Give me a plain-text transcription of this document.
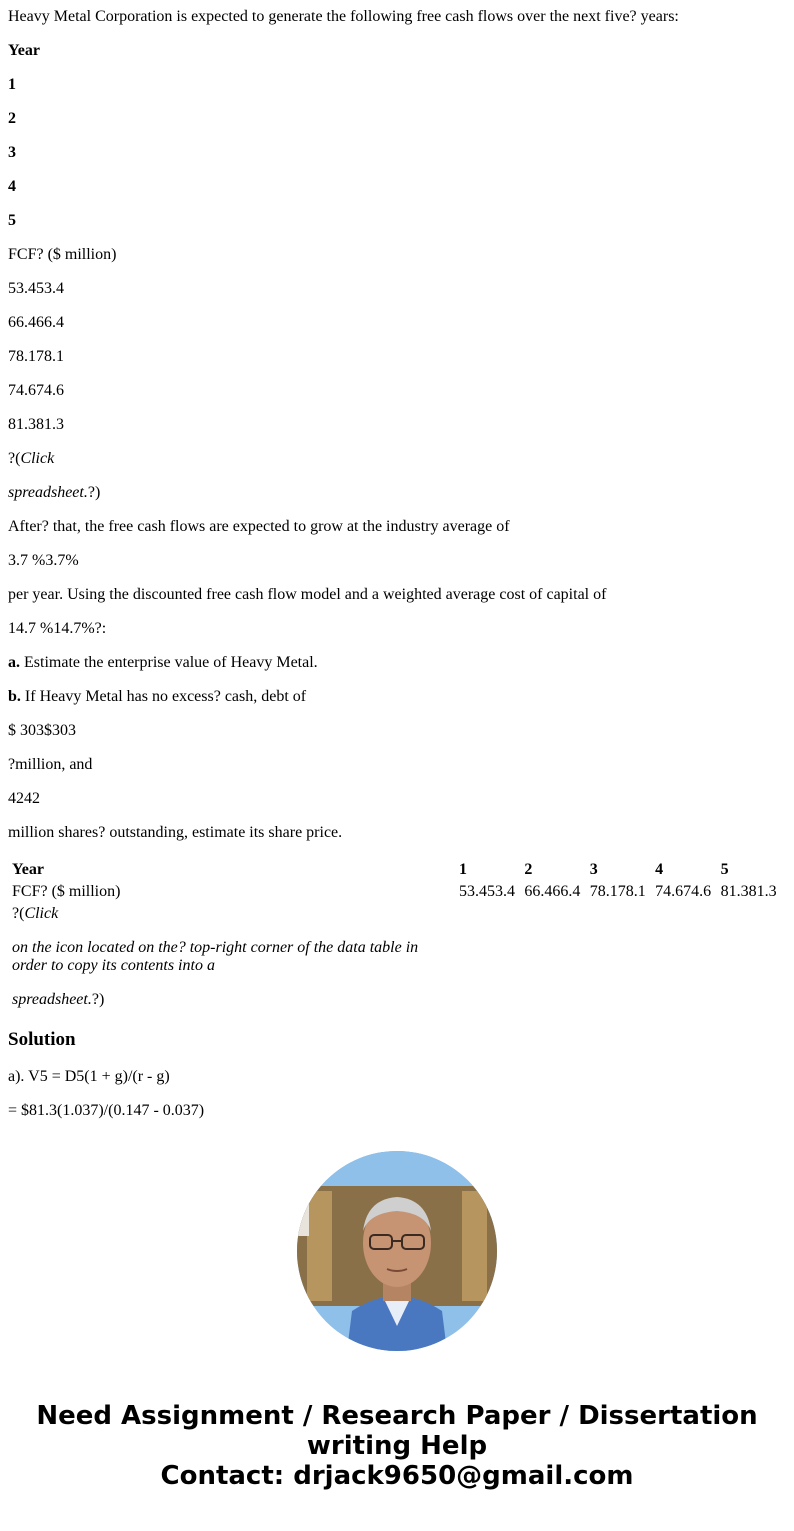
Heavy Metal Corporation is expected to generate the following free cash flows over the next five? years:
Year
1
2
3
4
5
FCF? ($ million)
53.453.4
66.466.4
78.178.1
74.674.6
81.381.3
?(Click
spreadsheet.?)
After? that, the free cash flows are expected to grow at the industry average of
3.7 %3.7%
per year. Using the discounted free cash flow model and a weighted average cost of capital of
14.7 %14.7%?:
a. Estimate the enterprise value of Heavy Metal.
b. If Heavy Metal has no excess? cash, debt of
$ 303$303
?million, and
4242
million shares? outstanding, estimate its share price.
Year	1	2	3	4	5
FCF? ($ million)	53.453.4	66.466.4	78.178.1	74.674.6	81.381.3

?(Click
on the icon located on the? top-right corner of the data table in order to copy its contents into a
spreadsheet.?)					

Solution
a). V5 = D5(1 + g)/(r - g)
= $81.3(1.037)/(0.147 - 0.037)
Need Assignment / Research Paper / Dissertation
writing Help
Contact: drjack9650@gmail.com
